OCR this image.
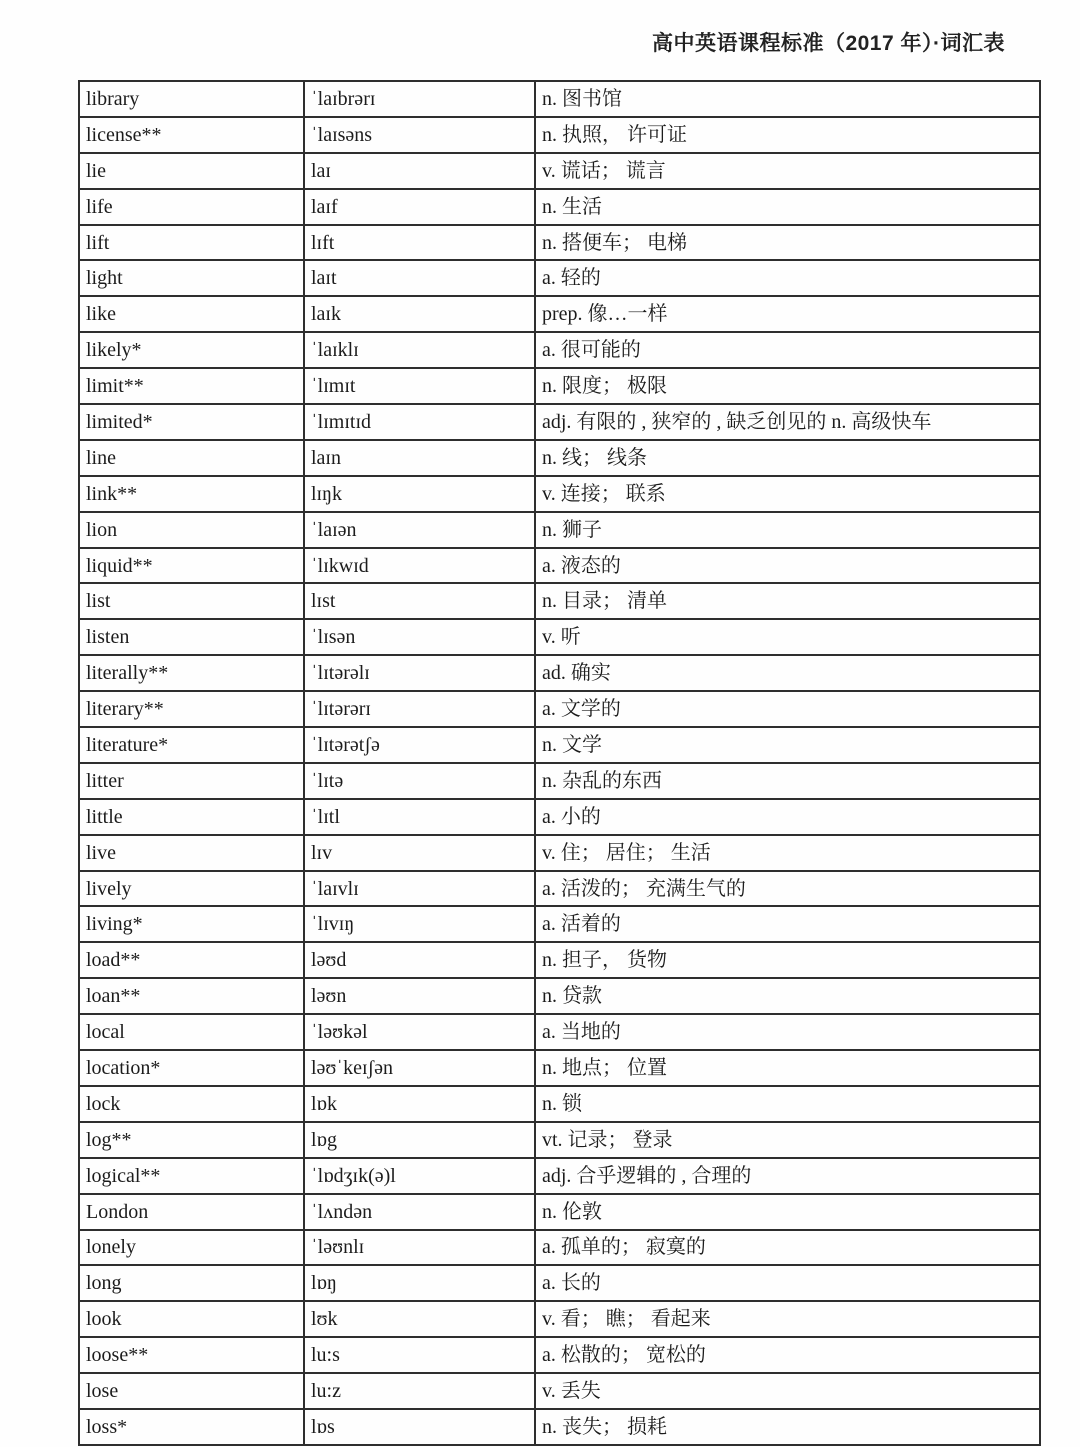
高中英语课程标准（2017 年）·词汇表
library	ˈlaɪbrərɪ	n. 图书馆
license**	ˈlaɪsəns	n. 执照， 许可证
lie	laɪ	v. 谎话； 谎言
life	laɪf	n. 生活
lift	lɪft	n. 搭便车； 电梯
light	laɪt	a. 轻的
like	laɪk	prep. 像…一样
likely*	ˈlaɪklɪ	a. 很可能的
limit**	ˈlɪmɪt	n. 限度； 极限
limited*	ˈlɪmɪtɪd	adj. 有限的 , 狭窄的 , 缺乏创见的 n. 高级快车
line	laɪn	n. 线； 线条
link**	lɪŋk	v. 连接； 联系
lion	ˈlaɪən	n. 狮子
liquid**	ˈlɪkwɪd	a. 液态的
list	lɪst	n. 目录； 清单
listen	ˈlɪsən	v. 听
literally**	ˈlɪtərəlɪ	ad. 确实
literary**	ˈlɪtərərɪ	a. 文学的
literature*	ˈlɪtərətʃə	n. 文学
litter	ˈlɪtə	n. 杂乱的东西
little	ˈlɪtl	a. 小的
live	lɪv	v. 住； 居住； 生活
lively	ˈlaɪvlɪ	a. 活泼的； 充满生气的
living*	ˈlɪvɪŋ	a. 活着的
load**	ləʊd	n. 担子， 货物
loan**	ləʊn	n. 贷款
local	ˈləʊkəl	a. 当地的
location*	ləʊˈkeɪʃən	n. 地点； 位置
lock	lɒk	n. 锁
log**	lɒg	vt. 记录； 登录
logical**	ˈlɒdʒɪk(ə)l	adj. 合乎逻辑的 , 合理的
London	ˈlʌndən	n. 伦敦
lonely	ˈləʊnlɪ	a. 孤单的； 寂寞的
long	lɒŋ	a. 长的
look	lʊk	v. 看； 瞧； 看起来
loose**	lu:s	a. 松散的； 宽松的
lose	lu:z	v. 丢失
loss*	lɒs	n. 丧失； 损耗
